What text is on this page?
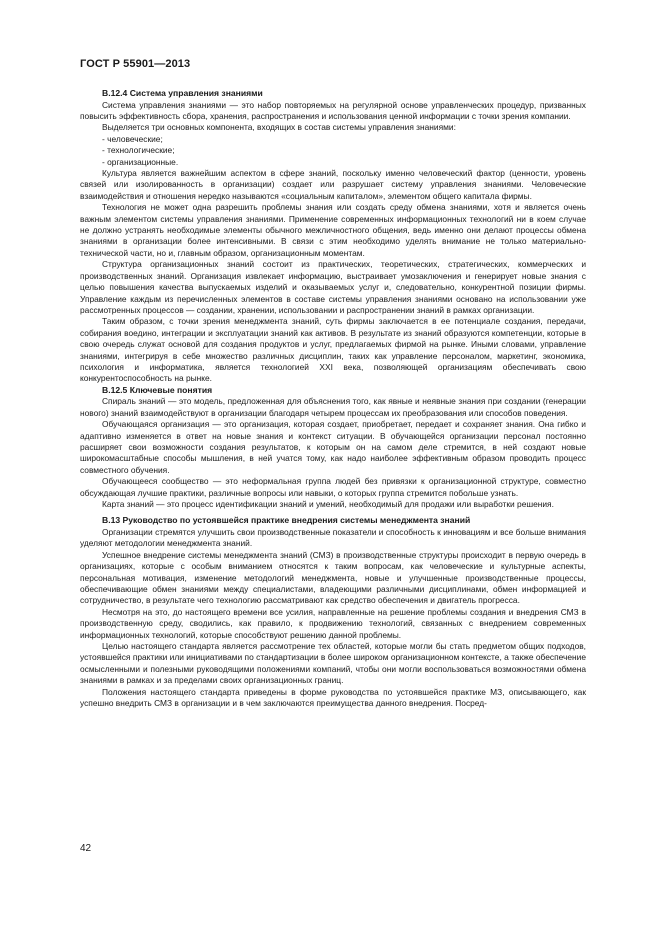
ГОСТ Р 55901—2013
В.12.4 Система управления знаниями

Система управления знаниями — это набор повторяемых на регулярной основе управленческих процедур, призванных повысить эффективность сбора, хранения, распространения и использования ценной информации с точки зрения компании.

Выделяется три основных компонента, входящих в состав системы управления знаниями:

- человеческие;
- технологические;
- организационные.

Культура является важнейшим аспектом в сфере знаний, поскольку именно человеческий фактор (ценности, уровень связей или изолированность в организации) создает или разрушает систему управления знаниями. Человеческие взаимодействия и отношения нередко называются «социальным капиталом», элементом общего капитала фирмы.

Технология не может одна разрешить проблемы знания или создать среду обмена знаниями, хотя и является очень важным элементом системы управления знаниями. Применение современных информационных технологий ни в коем случае не должно устранять необходимые элементы обычного межличностного общения, ведь именно они делают процессы обмена знаниями в организации более интенсивными. В связи с этим необходимо уделять внимание не только материально-технической части, но и, главным образом, организационным моментам.

Структура организационных знаний состоит из практических, теоретических, стратегических, коммерческих и производственных знаний. Организация извлекает информацию, выстраивает умозаключения и генерирует новые знания с целью повышения качества выпускаемых изделий и оказываемых услуг и, следовательно, конкурентной позиции фирмы. Управление каждым из перечисленных элементов в составе системы управления знаниями основано на использовании уже рассмотренных процессов — создании, хранении, использовании и распространении знаний в рамках организации.

Таким образом, с точки зрения менеджмента знаний, суть фирмы заключается в ее потенциале создания, передачи, собирания воедино, интеграции и эксплуатации знаний как активов. В результате из знаний образуются компетенции, которые в свою очередь служат основой для создания продуктов и услуг, предлагаемых фирмой на рынке. Иными словами, управление знаниями, интегрируя в себе множество различных дисциплин, таких как управление персоналом, маркетинг, экономика, психология и информатика, является технологией XXI века, позволяющей организациям обеспечивать свою конкурентоспособность на рынке.

В.12.5 Ключевые понятия

Спираль знаний — это модель, предложенная для объяснения того, как явные и неявные знания при создании (генерации нового) знаний взаимодействуют в организации благодаря четырем процессам их преобразования или способов поведения.

Обучающаяся организация — это организация, которая создает, приобретает, передает и сохраняет знания. Она гибко и адаптивно изменяется в ответ на новые знания и контекст ситуации. В обучающейся организации персонал постоянно расширяет свои возможности создания результатов, к которым он на самом деле стремится, в ней создают новые широкомасштабные способы мышления, в ней учатся тому, как надо наиболее эффективным образом проводить процесс совместного обучения.

Обучающееся сообщество — это неформальная группа людей без привязки к организационной структуре, совместно обсуждающая лучшие практики, различные вопросы или навыки, о которых группа стремится побольше узнать.

Карта знаний — это процесс идентификации знаний и умений, необходимый для продажи или выработки решения.

В.13 Руководство по устоявшейся практике внедрения системы менеджмента знаний

Организации стремятся улучшить свои производственные показатели и способность к инновациям и все больше внимания уделяют методологии менеджмента знаний.

Успешное внедрение системы менеджмента знаний (СМЗ) в производственные структуры происходит в первую очередь в организациях, которые с особым вниманием относятся к таким вопросам, как человеческие и культурные аспекты, персональная мотивация, изменение методологий менеджмента, новые и улучшенные производственные процессы, обеспечивающие обмен знаниями между специалистами, владеющими различными дисциплинами, обмен информацией и сотрудничество, в результате чего технологию рассматривают как средство обеспечения и двигатель прогресса.

Несмотря на это, до настоящего времени все усилия, направленные на решение проблемы создания и внедрения СМЗ в производственную среду, сводились, как правило, к продвижению технологий, связанных с внедрением современных информационных технологий, которые способствуют решению данной проблемы.

Целью настоящего стандарта является рассмотрение тех областей, которые могли бы стать предметом общих подходов, устоявшейся практики или инициативами по стандартизации в более широком организационном контексте, а также обеспечение осмысленными и полезными руководящими положениями компаний, чтобы они могли воспользоваться возможностями обмена знаниями в рамках и за пределами своих организационных границ.

Положения настоящего стандарта приведены в форме руководства по устоявшейся практике МЗ, описывающего, как успешно внедрить СМЗ в организации и в чем заключаются преимущества данного внедрения. Посред-

42
